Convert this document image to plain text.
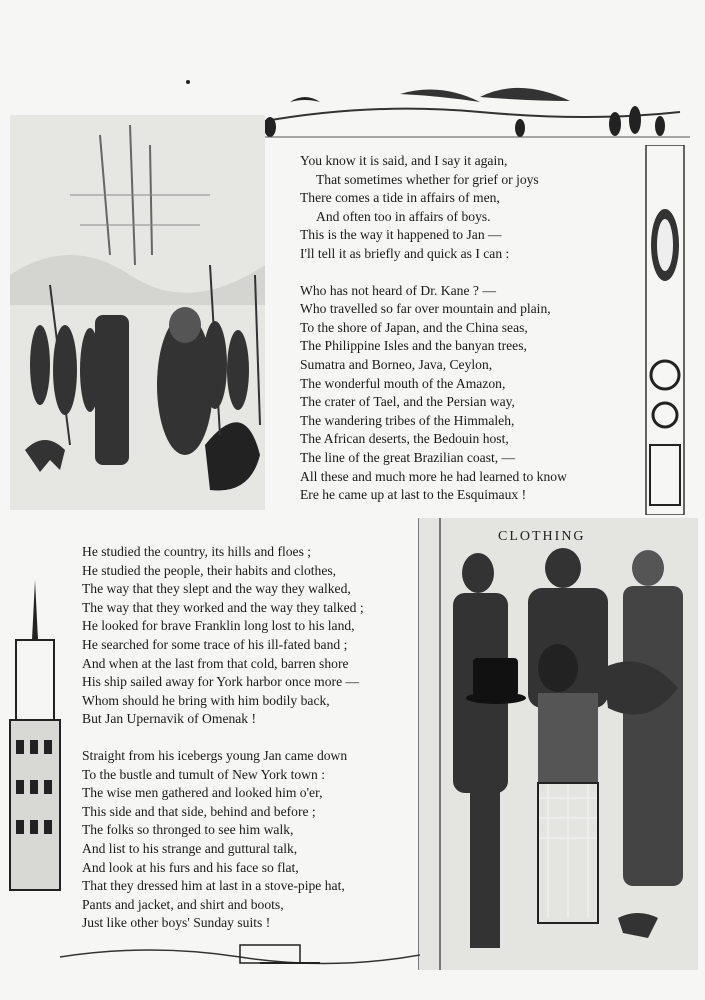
CLOTHING
You know it is said, and I say it again,
That sometimes whether for grief or joys
There comes a tide in affairs of men,
And often too in affairs of boys.
This is the way it happened to Jan —
I'll tell it as briefly and quick as I can :
Who has not heard of Dr. Kane ? —
Who travelled so far over mountain and plain,
To the shore of Japan, and the China seas,
The Philippine Isles and the banyan trees,
Sumatra and Borneo, Java, Ceylon,
The wonderful mouth of the Amazon,
The crater of Tael, and the Persian way,
The wandering tribes of the Himmaleh,
The African deserts, the Bedouin host,
The line of the great Brazilian coast, —
All these and much more he had learned to know
Ere he came up at last to the Esquimaux !
He studied the country, its hills and floes ;
He studied the people, their habits and clothes,
The way that they slept and the way they walked,
The way that they worked and the way they talked ;
He looked for brave Franklin long lost to his land,
He searched for some trace of his ill-fated band ;
And when at the last from that cold, barren shore
His ship sailed away for York harbor once more —
Whom should he bring with him bodily back,
But Jan Upernavik of Omenak !
Straight from his icebergs young Jan came down
To the bustle and tumult of New York town :
The wise men gathered and looked him o'er,
This side and that side, behind and before ;
The folks so thronged to see him walk,
And list to his strange and guttural talk,
And look at his furs and his face so flat,
That they dressed him at last in a stove-pipe hat,
Pants and jacket, and shirt and boots,
Just like other boys' Sunday suits !
